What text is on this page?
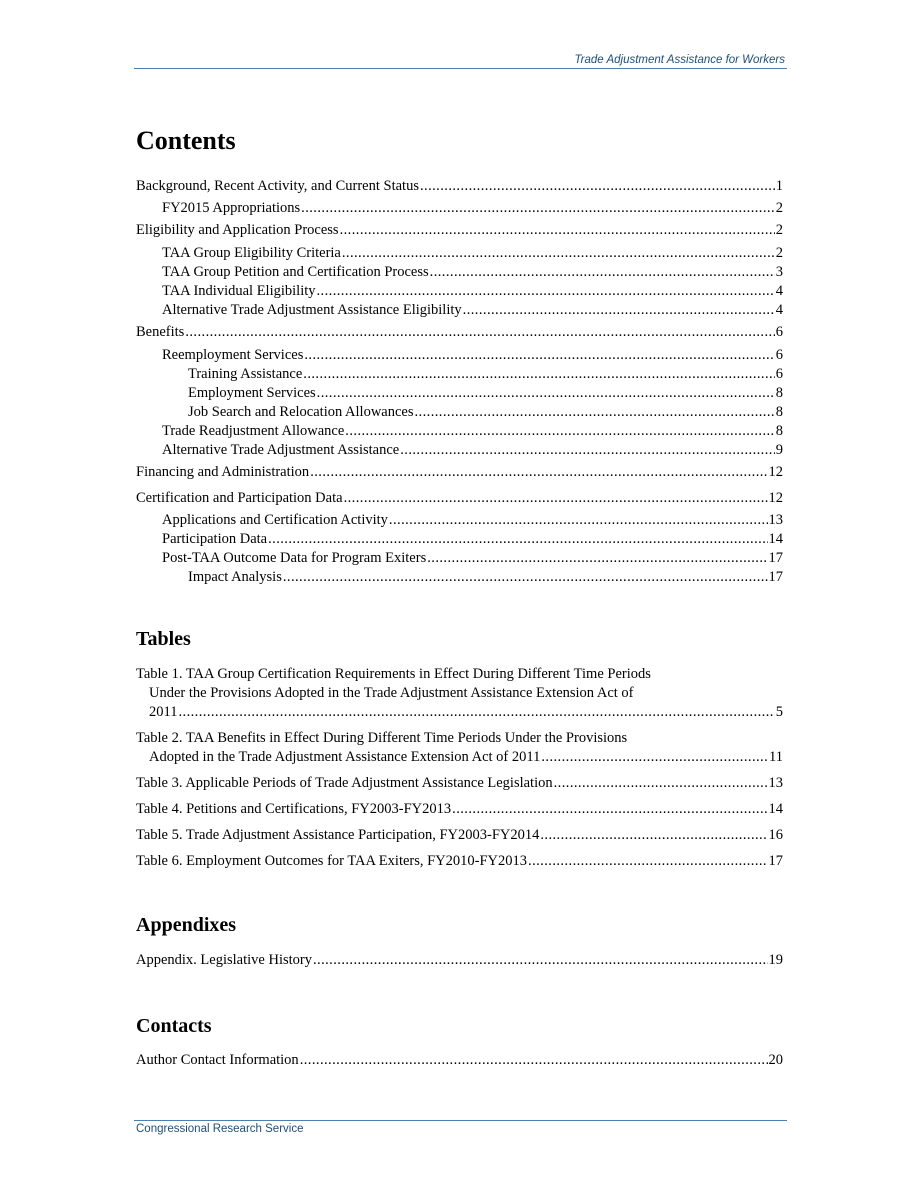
Trade Adjustment Assistance for Workers
Contents
Background, Recent Activity, and Current Status . . .	1
FY2015 Appropriations . . .	2
Eligibility and Application Process . . .	2
TAA Group Eligibility Criteria . . .	2
TAA Group Petition and Certification Process . . .	3
TAA Individual Eligibility . . .	4
Alternative Trade Adjustment Assistance Eligibility . . .	4
Benefits . . .	6
Reemployment Services . . .	6
Training Assistance . . .	6
Employment Services . . .	8
Job Search and Relocation Allowances . . .	8
Trade Readjustment Allowance . . .	8
Alternative Trade Adjustment Assistance . . .	9
Financing and Administration . . .	12
Certification and Participation Data . . .	12
Applications and Certification Activity . . .	13
Participation Data . . .	14
Post-TAA Outcome Data for Program Exiters . . .	17
Impact Analysis . . .	17
Tables
Table 1. TAA Group Certification Requirements in Effect During Different Time Periods
Under the Provisions Adopted in the Trade Adjustment Assistance Extension Act of
2011 . . .	5
Table 2. TAA Benefits in Effect During Different Time Periods Under the Provisions
Adopted in the Trade Adjustment Assistance Extension Act of 2011 . . .	11
Table 3. Applicable Periods of Trade Adjustment Assistance Legislation . . .	13
Table 4. Petitions and Certifications, FY2003-FY2013 . . .	14
Table 5. Trade Adjustment Assistance Participation, FY2003-FY2014 . . .	16
Table 6. Employment Outcomes for TAA Exiters, FY2010-FY2013 . . .	17
Appendixes
Appendix. Legislative History . . .	19
Contacts
Author Contact Information . . .	20
Congressional Research Service
